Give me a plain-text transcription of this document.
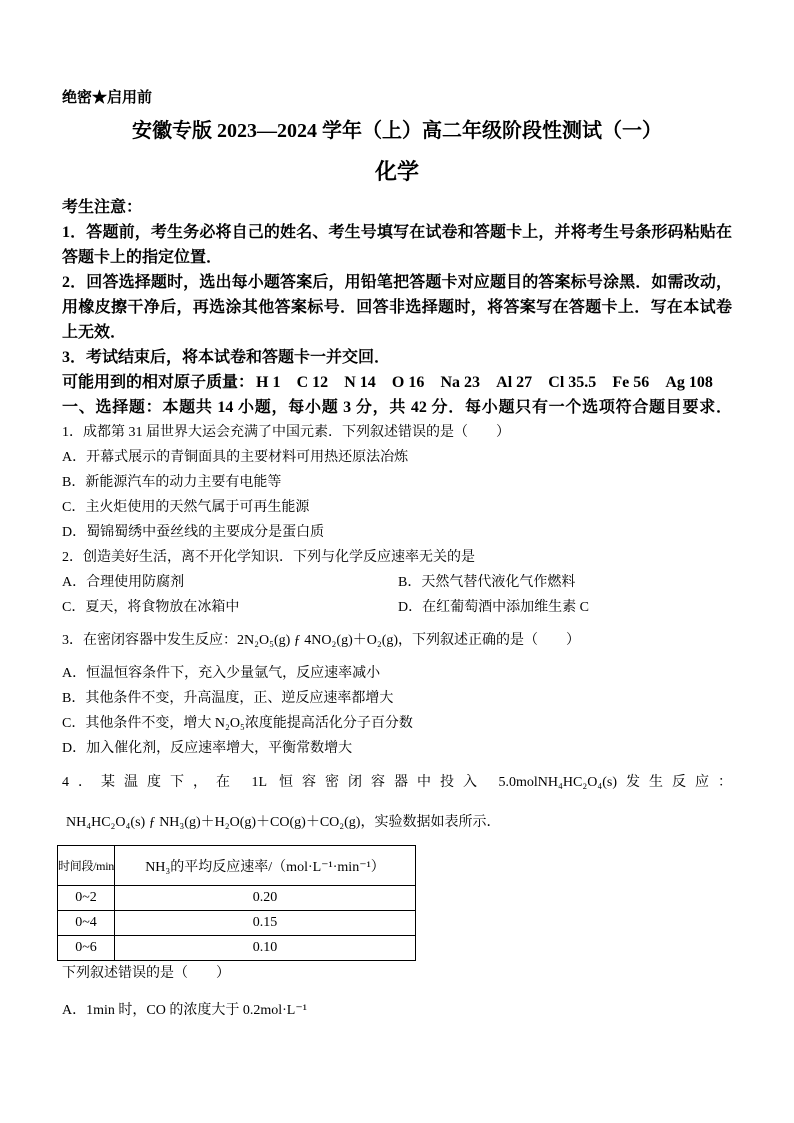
绝密★启用前
安徽专版 2023—2024 学年（上）高二年级阶段性测试（一）
化学
考生注意：
1．答题前，考生务必将自己的姓名、考生号填写在试卷和答题卡上，并将考生号条形码粘贴在
答题卡上的指定位置．
2．回答选择题时，选出每小题答案后，用铅笔把答题卡对应题目的答案标号涂黑．如需改动，
用橡皮擦干净后，再选涂其他答案标号．回答非选择题时，将答案写在答题卡上．写在本试卷
上无效．
3．考试结束后，将本试卷和答题卡一并交回．
可能用到的相对原子质量： H 1 C 12 N 14 O 16 Na 23 Al 27 Cl 35.5 Fe 56 Ag 108
一、选择题：本题共 14 小题，每小题 3 分，共 42 分．每小题只有一个选项符合题目要求．
1．成都第 31 届世界大运会充满了中国元素．下列叙述错误的是（　　）
A．开幕式展示的青铜面具的主要材料可用热还原法冶炼
B．新能源汽车的动力主要有电能等
C．主火炬使用的天然气属于可再生能源
D．蜀锦蜀绣中蚕丝线的主要成分是蛋白质
2．创造美好生活，离不开化学知识．下列与化学反应速率无关的是
A．合理使用防腐剂	B．天然气替代液化气作燃料
C．夏天，将食物放在冰箱中	D．在红葡萄酒中添加维生素 C
3．在密闭容器中发生反应：2N₂O₅(g) ƒ 4NO₂(g)＋O₂(g)，下列叙述正确的是（　　）
A．恒温恒容条件下，充入少量氩气，反应速率减小
B．其他条件不变，升高温度，正、逆反应速率都增大
C．其他条件不变，增大 N₂O₅浓度能提高活化分子百分数
D．加入催化剂，反应速率增大，平衡常数增大
4．某温度下，在 1L 恒容密闭容器中投入 5.0molNH₄HC₂O₄(s)发生反应：
NH₄HC₂O₄(s) ƒ NH₃(g)＋H₂O(g)＋CO(g)＋CO₂(g)，实验数据如表所示．
时间段/min	NH₃的平均反应速率/（mol·L⁻¹·min⁻¹）
0~2	0.20
0~4	0.15
0~6	0.10
下列叙述错误的是（　　）
A．1min 时，CO 的浓度大于 0.2mol·L⁻¹
